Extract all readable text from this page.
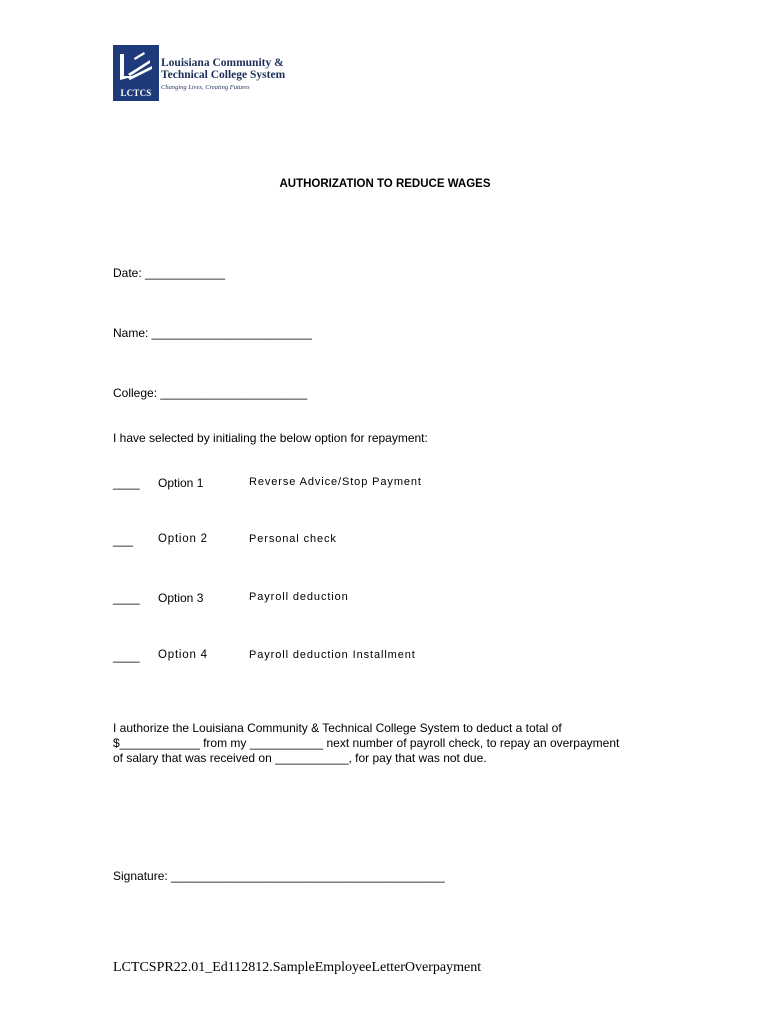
LCTCS
Louisiana Community &
Technical College System
Changing Lives, Creating Futures
AUTHORIZATION TO REDUCE WAGES
Date: ____________
Name: ________________________
College: ______________________
I have selected by initialing the below option for repayment:
____ Option 1	Reverse Advice/Stop Payment
___ Option 2	Personal check
____ Option 3	Payroll deduction
____ Option 4	Payroll deduction Installment
I authorize the Louisiana Community & Technical College System to deduct a total of
$____________ from my ___________ next number of payroll check, to repay an overpayment
of salary that was received on ___________, for pay that was not due.
Signature: _________________________________________
LCTCSPR22.01_Ed112812.SampleEmployeeLetterOverpayment
